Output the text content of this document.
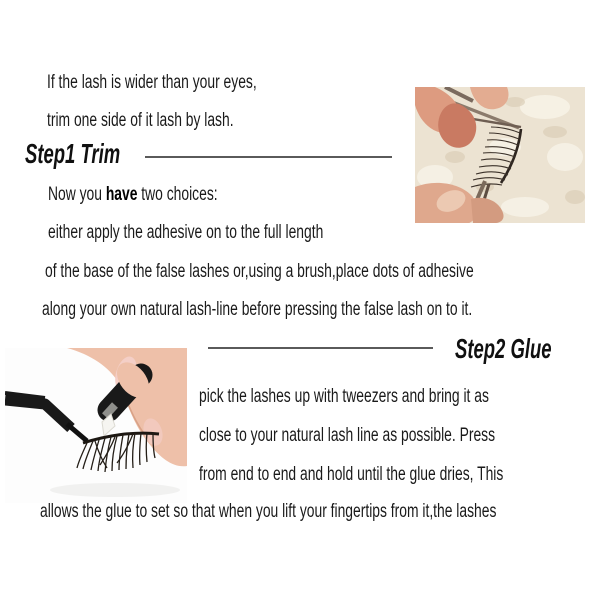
If the lash is wider than your eyes,
trim one side of it lash by lash.
Step1 Trim
Now you have two choices:
either apply the adhesive on to the full length
of the base of the false lashes or,using a brush,place dots of adhesive
along your own natural lash-line before pressing the false lash on to it.
Step2 Glue
pick the lashes up with tweezers and bring it as
close to your natural lash line as possible. Press
from end to end and hold until the glue dries, This
allows the glue to set so that when you lift your fingertips from it,the lashes
